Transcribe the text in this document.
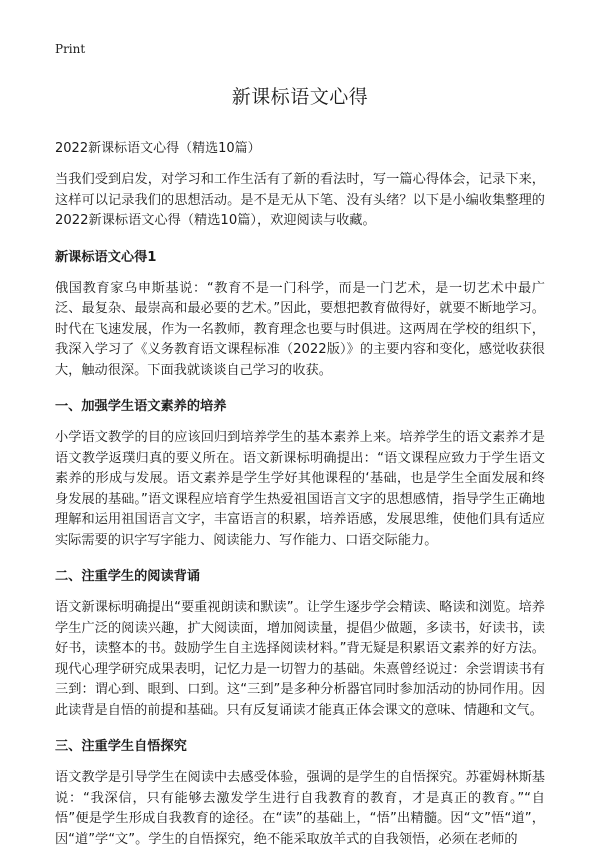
Print
新课标语文心得
2022新课标语文心得（精选10篇）

当我们受到启发，对学习和工作生活有了新的看法时，写一篇心得体会，记录下来，这样可以记录我们的思想活动。是不是无从下笔、没有头绪？以下是小编收集整理的2022新课标语文心得（精选10篇），欢迎阅读与收藏。

新课标语文心得1

俄国教育家乌申斯基说：“教育不是一门科学，而是一门艺术，是一切艺术中最广泛、最复杂、最崇高和最必要的艺术。”因此，要想把教育做得好，就要不断地学习。时代在飞速发展，作为一名教师，教育理念也要与时俱进。这两周在学校的组织下，我深入学习了《义务教育语文课程标准（2022版）》的主要内容和变化，感觉收获很大，触动很深。下面我就谈谈自己学习的收获。

一、加强学生语文素养的培养

小学语文教学的目的应该回归到培养学生的基本素养上来。培养学生的语文素养才是语文教学返璞归真的要义所在。语文新课标明确提出：“语文课程应致力于学生语文素养的形成与发展。语文素养是学生学好其他课程的‘基础，也是学生全面发展和终身发展的基础。”语文课程应培育学生热爱祖国语言文字的思想感情，指导学生正确地理解和运用祖国语言文字，丰富语言的积累，培养语感，发展思维，使他们具有适应实际需要的识字写字能力、阅读能力、写作能力、口语交际能力。

二、注重学生的阅读背诵

语文新课标明确提出“要重视朗读和默读”。让学生逐步学会精读、略读和浏览。培养学生广泛的阅读兴趣，扩大阅读面，增加阅读量，提倡少做题，多读书，好读书，读好书，读整本的书。鼓励学生自主选择阅读材料。”背无疑是积累语文素养的好方法。现代心理学研究成果表明，记忆力是一切智力的基础。朱熹曾经说过：余尝谓读书有三到：谓心到、眼到、口到。这“三到”是多种分析器官同时参加活动的协同作用。因此读背是自悟的前提和基础。只有反复诵读才能真正体会课文的意味、情趣和文气。

三、注重学生自悟探究

语文教学是引导学生在阅读中去感受体验，强调的是学生的自悟探究。苏霍姆林斯基说：“我深信，只有能够去激发学生进行自我教育的教育，才是真正的教育。”“自悟”便是学生形成自我教育的途径。在“读”的基础上，“悟”出精髓。因“文”悟“道”，因“道”学“文”。学生的自悟探究，绝不能采取放羊式的自我领悟，必须在老师的
